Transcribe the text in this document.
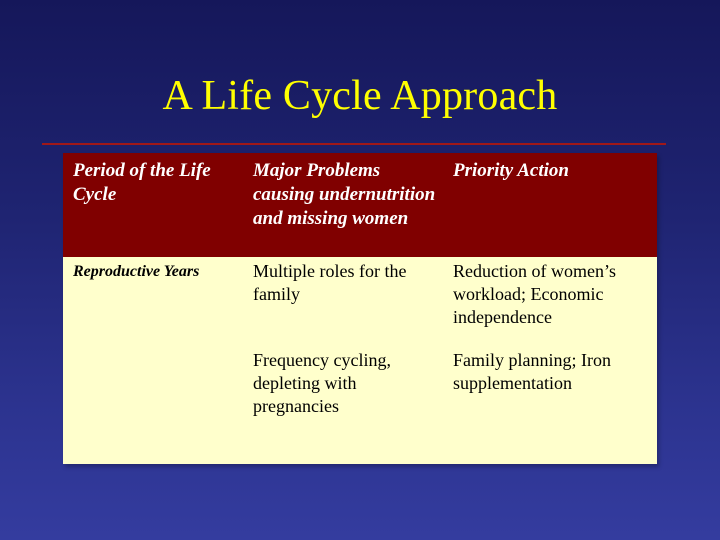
A Life Cycle Approach
Period of the Life Cycle
Major Problems causing undernutrition and missing women
Priority Action
Reproductive Years	Multiple roles for the family
Reduction of women’s workload; Economic independence
Frequency cycling, depleting with pregnancies
Family planning; Iron supplementation
